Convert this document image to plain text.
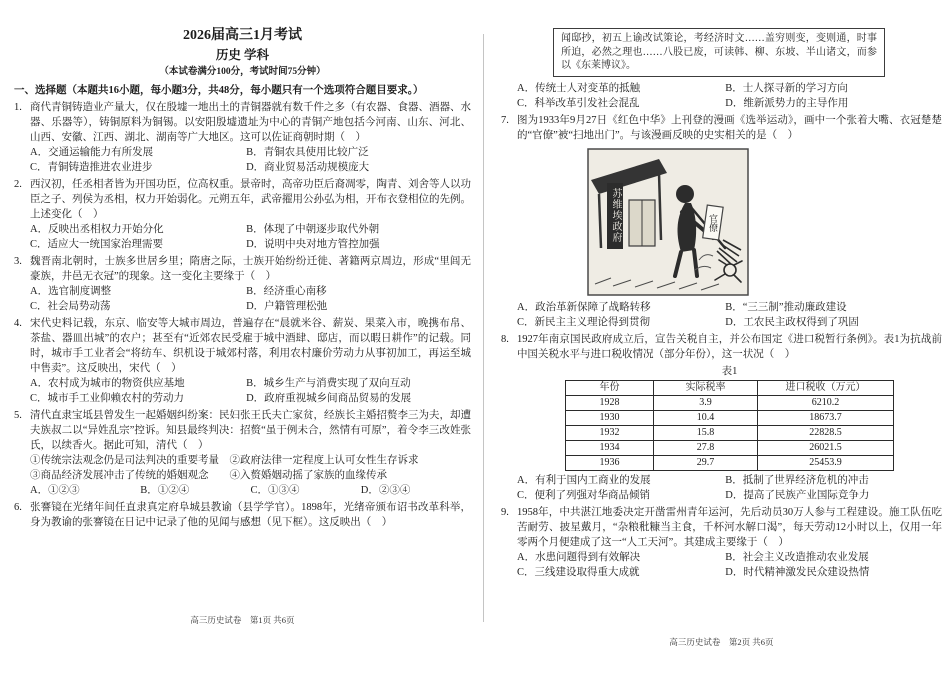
2026届高三1月考试
历史 学科
（本试卷满分100分，考试时间75分钟）
一、选择题（本题共16小题，每小题3分，共48分，每小题只有一个选项符合题目要求。）
1. 商代青铜铸造业产量大，仅在殷墟一地出土的青铜器就有数千件之多（有农器、食器、酒器、水器、乐器等），铸铜原料为铜锡。以安阳殷墟遗址为中心的青铜产地包括今河南、山东、河北、山西、安徽、江西、湖北、湖南等广大地区。这可以佐证商朝时期（　）
A．交通运输能力有所发展	B．青铜农具使用比较广泛
C．青铜铸造推进农业进步	D．商业贸易活动规模庞大
2. 西汉初，任丞相者皆为开国功臣，位高权重。景帝时，高帝功臣后裔凋零，陶青、刘舍等人以功臣之子、列侯为丞相，权力开始弱化。元朔五年，武帝擢用公孙弘为相，开布衣登相位的先例。上述变化（　）
A．反映出丞相权力开始分化	B．体现了中朝逐步取代外朝
C．适应大一统国家治理需要	D．说明中央对地方管控加强
3. 魏晋南北朝时，士族多世居乡里；隋唐之际，士族开始纷纷迁徙、著籍两京周边，形成“里闾无豪族，井邑无衣冠”的现象。这一变化主要缘于（　）
A．选官制度调整	B．经济重心南移
C．社会局势动荡	D．户籍管理松弛
4. 宋代史料记载，东京、临安等大城市周边，普遍存在“晨就米谷、薪炭、果菜入市，晚携布帛、茶盐、器皿出城”的农户；甚至有“近郊农民受雇于城中酒肆、邸店，而以暇日耕作”的记载。同时，城市手工业者会“将纺车、织机设于城郊村落，利用农村廉价劳动力从事初加工，再运至城中售卖”。这反映出，宋代（　）
A．农村成为城市的物资供应基地	B．城乡生产与消费实现了双向互动
C．城市手工业仰赖农村的劳动力	D．政府重视城乡间商品贸易的发展
5. 清代直隶宝坻县曾发生一起婚姻纠纷案：民妇张王氏夫亡家贫，经族长主婚招赘李三为夫，却遭夫族叔二以“异姓乱宗”控诉。知县最终判决：招赘“虽于例未合，然情有可原”，着令李三改姓张氏，以续香火。据此可知，清代（　）
①传统宗法观念仍是司法判决的重要考量　②政府法律一定程度上认可女性生存诉求
③商品经济发展冲击了传统的婚姻观念　　④入赘婚姻动摇了家族的血缘传承
A．①②③	B．①②④	C．①③④	D．②③④
6. 张謇镜在光绪年间任直隶真定府阜城县教谕（县学学官）。1898年，光绪帝颁布诏书改革科举，身为教谕的张謇镜在日记中记录了他的见闻与感想（见下框）。这反映出（　）
高三历史试卷　第1页 共6页
闻邸抄，初五上谕改试策论，考经济时文……盖穷则变，变则通，时事所迫，必然之理也……八股已废，可读韩、柳、东坡、半山诸文，而参以《东莱博议》。
A．传统士人对变革的抵触	B．士人探寻新的学习方向
C．科举改革引发社会混乱	D．维新派势力的主导作用
7. 图为1933年9月27日《红色中华》上刊登的漫画《选举运动》，画中一个张着大嘴、衣冠楚楚的“官僚”被“扫地出门”。与该漫画反映的史实相关的是（　）
苏维埃政府	官僚
A．政治革新保障了战略转移	B．“三三制”推动廉政建设
C．新民主主义理论得到贯彻	D．工农民主政权得到了巩固
8. 1927年南京国民政府成立后，宣告关税自主，并公布国定《进口税暂行条例》。表1为抗战前中国关税水平与进口税收情况（部分年份），这一状况（　）
表1
年份	实际税率	进口税收（万元）
1928	3.9	6210.2
1930	10.4	18673.7
1932	15.8	22828.5
1934	27.8	26021.5
1936	29.7	25453.9
A．有利于国内工商业的发展	B．抵制了世界经济危机的冲击
C．便利了列强对华商品倾销	D．提高了民族产业国际竞争力
9. 1958年，中共湛江地委决定开凿雷州青年运河，先后动员30万人参与工程建设。施工队伍吃苦耐劳、披星戴月，“杂粮秕糠当主食，千杯河水解口渴”，每天劳动12小时以上，仅用一年零两个月便建成了这一“人工天河”。其建成主要缘于（　）
A．水患问题得到有效解决	B．社会主义改造推动农业发展
C．三线建设取得重大成就	D．时代精神激发民众建设热情
高三历史试卷　第2页 共6页
